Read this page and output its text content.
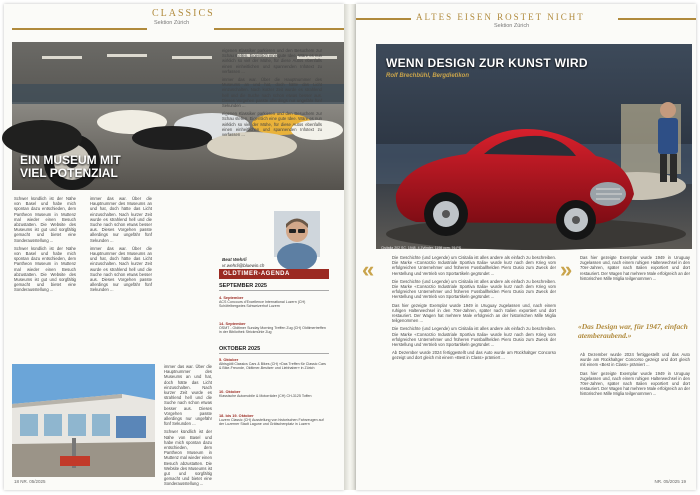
CLASSICS
Sektion Zürich
EIN MUSEUM MIT VIEL POTENZIAL

Schwer kündlich ist der Nähe von Basel und habe mich spontan dazu entschieden, dem Pantheon Museum in Muttenz mal wieder einen Besuch abzustatten. Die Website des Museums ist gut und sorgfältig gemacht und bietet eine Sonderausstellung ...

Schwer kündlich ist der Nähe von Basel und habe mich spontan dazu entschieden, dem Pantheon Museum in Muttenz mal wieder einen Besuch abzustatten. Die Website des Museums ist gut und sorgfältig gemacht und bietet eine Sonderausstellung ...

immer das war. Über die Hauptnummer des Museums an und hat, doch hätte das Licht einzuschalten. Nach kurzer Zeit wurde es strahlend hell und die Suche nach schon etwas besser aus. Dieses Vorgehen passte allerdings nur ungefähr fünf Sekunden ...

immer das war. Über die Hauptnummer des Museums an und hat, doch hätte das Licht einzuschalten. Nach kurzer Zeit wurde es strahlend hell und die Suche nach schon etwas besser aus. Dieses Vorgehen passte allerdings nur ungefähr fünf Sekunden ...

immer das war. Über die Hauptnummer des Museums an und hat, doch hätte das Licht einzuschalten. Nach kurzer Zeit wurde es strahlend hell und die Suche nach schon etwas besser aus. Dieses Vorgehen passte allerdings nur ungefähr fünf Sekunden ...

Schwer kündlich ist der Nähe von Basel und habe mich spontan dazu entschieden, dem Pantheon Museum in Muttenz mal wieder einen Besuch abzustatten. Die Website des Museums ist gut und sorgfältig gemacht und bietet eine Sonderausstellung ...

eigenen Klassiker parkieren und den Besuchern zur Schau stellen. Eigentlich eine gute Idee. Wäre es nun wirklich so viel der Mühe, für diese Autos ebenfalls einen einheitlichen und spannenden Infotext zu verfassen ...

immer das war. Über die Hauptnummer des Museums an und hat, doch hätte das Licht einzuschalten. Nach kurzer Zeit wurde es strahlend hell und die Suche nach schon etwas besser aus. Dieses Vorgehen passte allerdings nur ungefähr fünf Sekunden ...

eigenen Klassiker parkieren und den Besuchern zur Schau stellen. Eigentlich eine gute Idee. Wäre es nun wirklich so viel der Mühe, für diese Autos ebenfalls einen einheitlichen und spannenden Infotext zu verfassen ...

Beat Wehrli
vr.wehrli@bluewin.ch
OLDTIMER-AGENDA
SEPTEMBER 2025
4. September
ACS Concours d’Excellence International Luzern (CH) Schöfelbergwies Schweizerhof Luzern
14. September
OSMT - Oldtimer Sunday Morning Treffen Zug (CH) Oldtimertreffen in der Bibliothek Strickmühle Zug
OKTOBER 2025
5. Oktober
Albisgütli Classics Cars & Bikes (CH) «Das Treffen für Classic Cars & Bike-Freunde, Oldtimer-Besitzer und Liebhaber» in Zürich
10. Oktober
Klassische Automobile & Motorräder (CH) CH-3125 Toffen
18. bis 19. Oktober
Luzern Classic (CH) Ausstellung von historischen Fahrzeugen auf der Luzerner Stadt Lagune und Grätschenplatz in Luzern
18 NR. 05/2025
ALTES EISEN ROSTET NICHT
Sektion Zürich
WENN DESIGN ZUR KUNST WIRD
Rolf Brechbühl, Bergdietikon
Cisitalia 202 SC, 1948, 4 Zylinder, 1198 ccm, 76 PS
«	Die Geschichte (und Legende) um Cisitalia ist alles andere als einfach zu beschreiben. Die Marke «Consorzio Industriale Sportiva Italia» wurde kurz nach dem Krieg vom erfolgreichen Unternehmer und früheren Fussballhelden Piero Dusio zum Zweck der Herstellung und Vertrieb von Sportartikeln gegründet ...

Die Geschichte (und Legende) um Cisitalia ist alles andere als einfach zu beschreiben. Die Marke «Consorzio Industriale Sportiva Italia» wurde kurz nach dem Krieg vom erfolgreichen Unternehmer und früheren Fussballhelden Piero Dusio zum Zweck der Herstellung und Vertrieb von Sportartikeln gegründet ...

Das hier gezeigte Exemplar wurde 1949 in Uruguay zugelassen und, nach einem ruhigen Halterwechsel in den 70er-Jahren, später nach Italien exportiert und dort restauriert. Der Wagen hat mehrere Male erfolgreich an der historischen Mille Miglia teilgenommen ...

Die Geschichte (und Legende) um Cisitalia ist alles andere als einfach zu beschreiben. Die Marke «Consorzio Industriale Sportiva Italia» wurde kurz nach dem Krieg vom erfolgreichen Unternehmer und früheren Fussballhelden Piero Dusio zum Zweck der Herstellung und Vertrieb von Sportartikeln gegründet ...

Ab Dezember wurde 2024 fertiggestellt und das Auto wurde am Rückhaltger Concorso gezeigt und dort gleich mit einem «Best in Class» prämiert ...

» Das hier gezeigte Exemplar wurde 1949 in Uruguay zugelassen und, nach einem ruhigen Halterwechsel in den 70er-Jahren, später nach Italien exportiert und dort restauriert. Der Wagen hat mehrere Male erfolgreich an der historischen Mille Miglia teilgenommen ...

«Das Design war, für 1947, einfach atemberaubend.»

Ab Dezember wurde 2024 fertiggestellt und das Auto wurde am Rückhaltger Concorso gezeigt und dort gleich mit einem «Best in Class» prämiert ...

Das hier gezeigte Exemplar wurde 1949 in Uruguay zugelassen und, nach einem ruhigen Halterwechsel in den 70er-Jahren, später nach Italien exportiert und dort restauriert. Der Wagen hat mehrere Male erfolgreich an der historischen Mille Miglia teilgenommen ...

NR. 05/2025 19
